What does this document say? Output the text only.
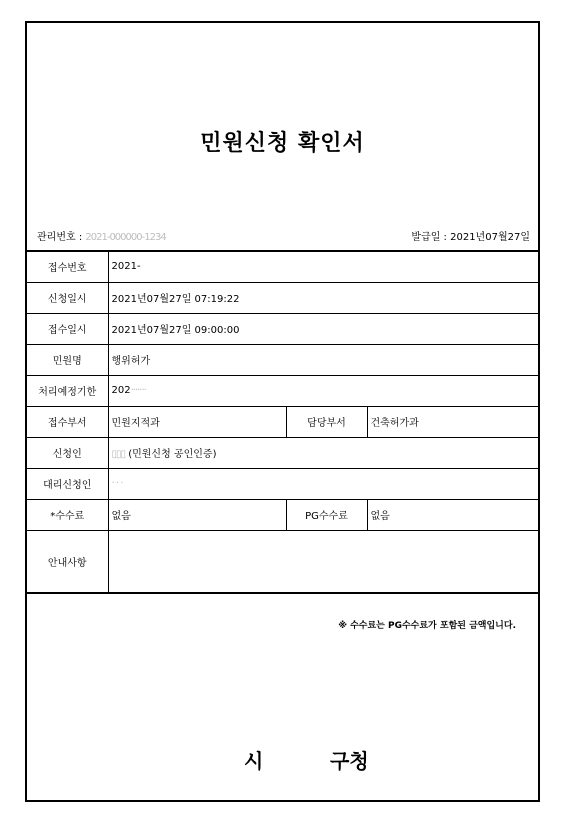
민원신청 확인서
관리번호 : 2021-000000-1234	발급일 : 2021년07월27일
접수번호	2021-		
신청일시	2021년07월27일 07:19:22		
접수일시	2021년07월27일 09:00:00		
민원명	행위허가		
처리예정기한	202·······		
접수부서	민원지적과	담당부서	건축허가과
신청인	▯▯▯ (민원신청 공인인증)		
대리신청인	· · ·		
*수수료	없음	PG수수료	없음
안내사항			
※ 수수료는 PG수수료가 포함된 금액입니다.
시	구청
